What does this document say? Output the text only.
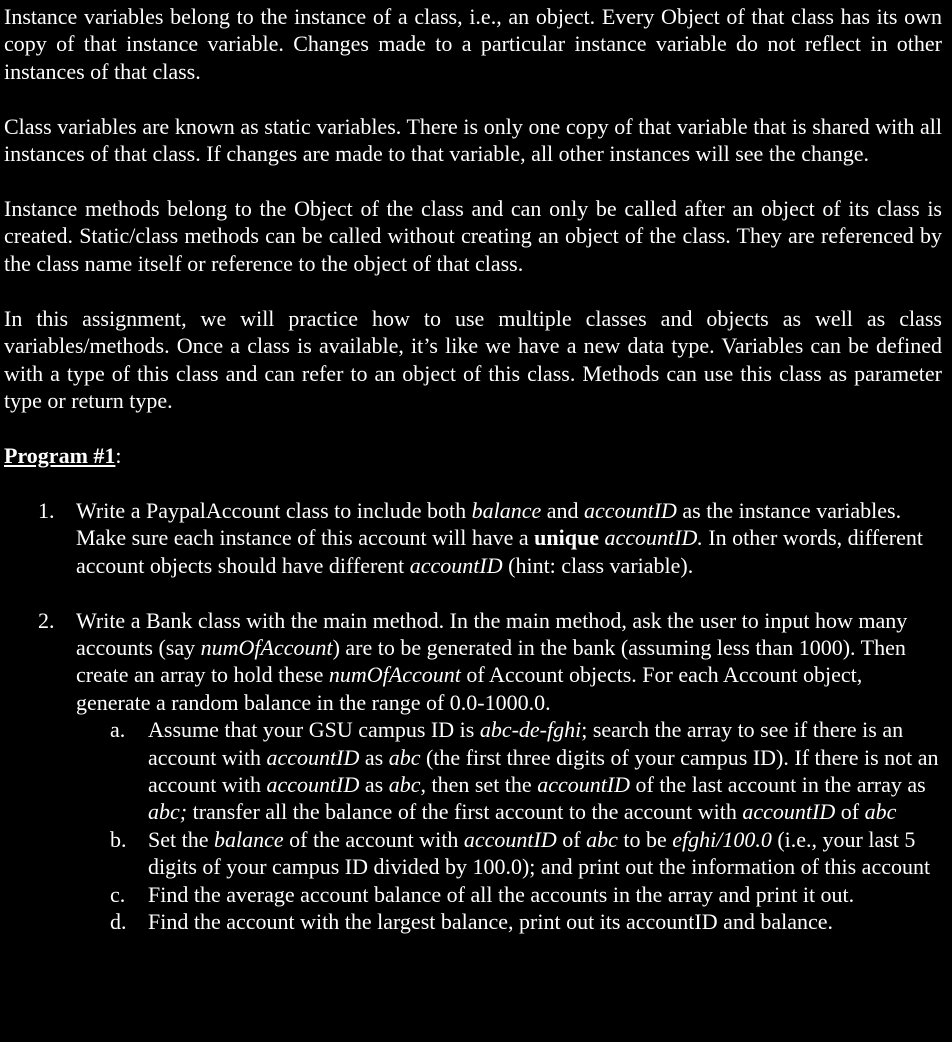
Instance variables belong to the instance of a class, i.e., an object. Every Object of that class has its own copy of that instance variable. Changes made to a particular instance variable do not reflect in other instances of that class.

Class variables are known as static variables. There is only one copy of that variable that is shared with all instances of that class. If changes are made to that variable, all other instances will see the change.

Instance methods belong to the Object of the class and can only be called after an object of its class is created. Static/class methods can be called without creating an object of the class. They are referenced by the class name itself or reference to the object of that class.

In this assignment, we will practice how to use multiple classes and objects as well as class variables/methods. Once a class is available, it’s like we have a new data type. Variables can be defined with a type of this class and can refer to an object of this class. Methods can use this class as parameter type or return type.

Program #1:

1. Write a PaypalAccount class to include both balance and accountID as the instance variables. Make sure each instance of this account will have a unique accountID. In other words, different account objects should have different accountID (hint: class variable).
2. Write a Bank class with the main method. In the main method, ask the user to input how many accounts (say numOfAccount) are to be generated in the bank (assuming less than 1000). Then create an array to hold these numOfAccount of Account objects. For each Account object, generate a random balance in the range of 0.0-1000.0.
a. Assume that your GSU campus ID is abc-de-fghi; search the array to see if there is an account with accountID as abc (the first three digits of your campus ID). If there is not an account with accountID as abc, then set the accountID of the last account in the array as abc; transfer all the balance of the first account to the account with accountID of abc
b. Set the balance of the account with accountID of abc to be efghi/100.0 (i.e., your last 5 digits of your campus ID divided by 100.0); and print out the information of this account
c. Find the average account balance of all the accounts in the array and print it out.
d. Find the account with the largest balance, print out its accountID and balance.
